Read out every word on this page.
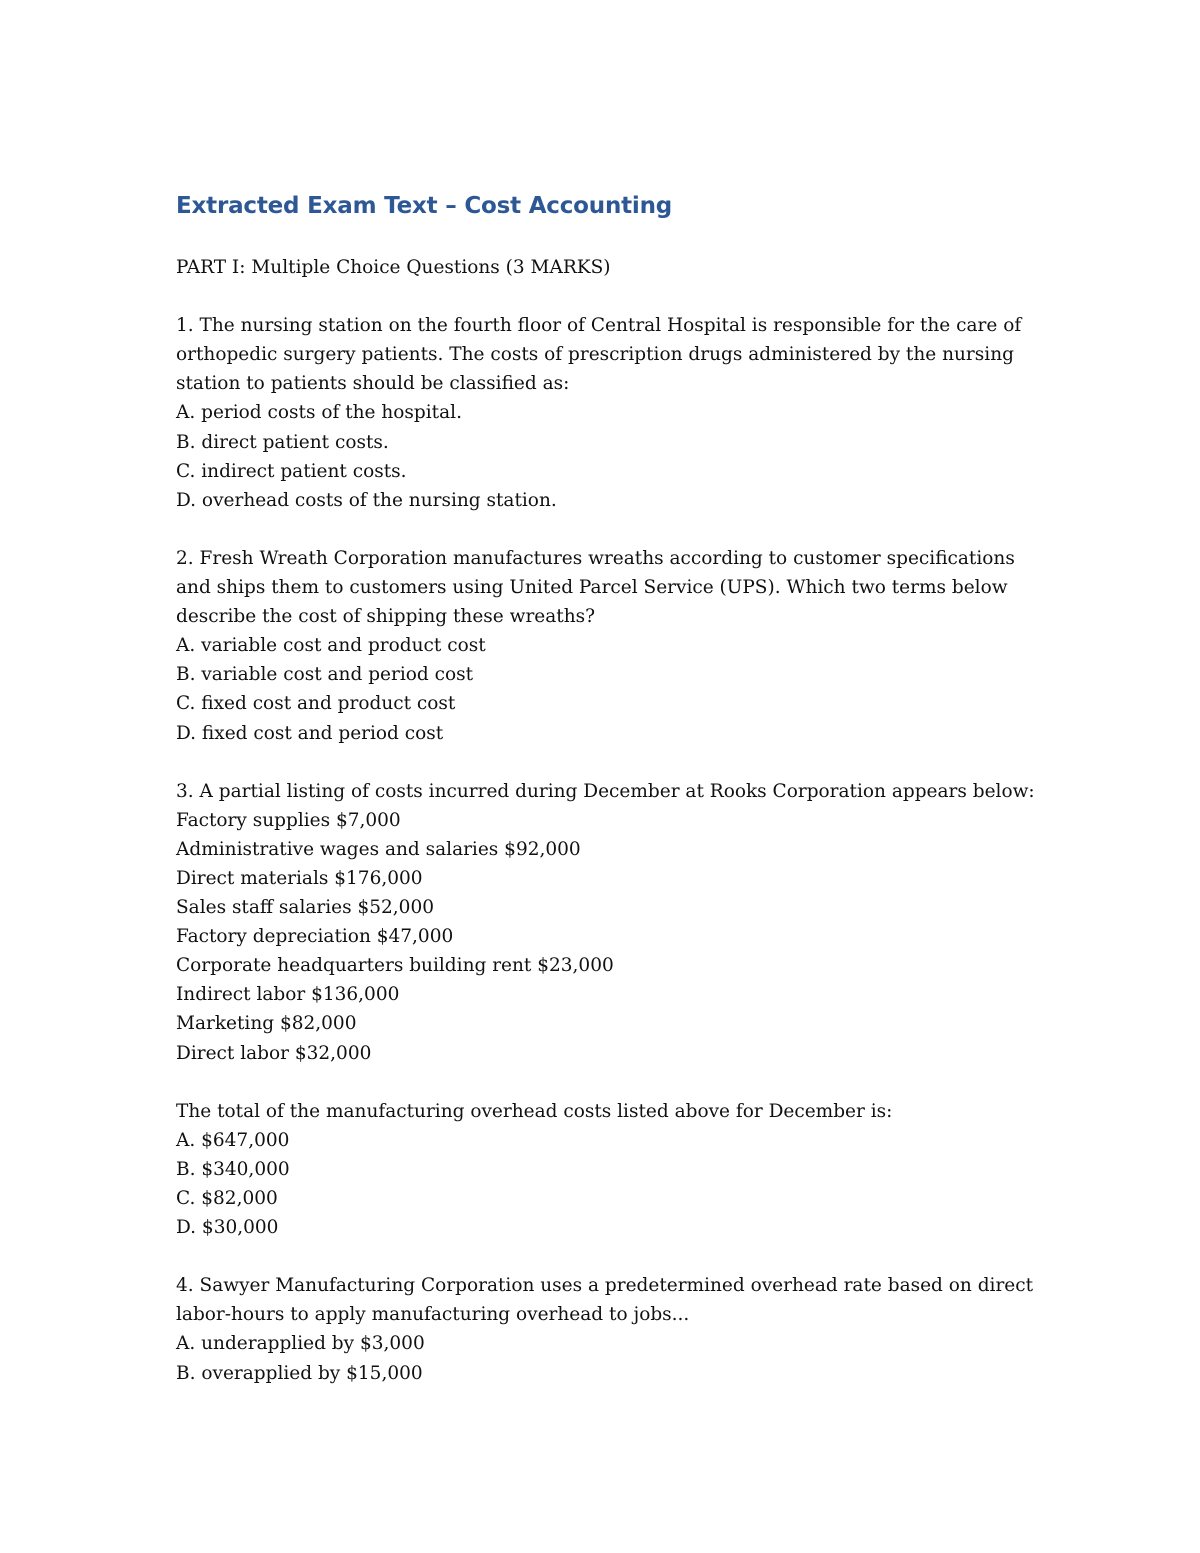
Extracted Exam Text – Cost Accounting
PART I: Multiple Choice Questions (3 MARKS)
1. The nursing station on the fourth floor of Central Hospital is responsible for the care of
orthopedic surgery patients. The costs of prescription drugs administered by the nursing
station to patients should be classified as:
A. period costs of the hospital.
B. direct patient costs.
C. indirect patient costs.
D. overhead costs of the nursing station.
2. Fresh Wreath Corporation manufactures wreaths according to customer specifications
and ships them to customers using United Parcel Service (UPS). Which two terms below
describe the cost of shipping these wreaths?
A. variable cost and product cost
B. variable cost and period cost
C. fixed cost and product cost
D. fixed cost and period cost
3. A partial listing of costs incurred during December at Rooks Corporation appears below:
Factory supplies $7,000
Administrative wages and salaries $92,000
Direct materials $176,000
Sales staff salaries $52,000
Factory depreciation $47,000
Corporate headquarters building rent $23,000
Indirect labor $136,000
Marketing $82,000
Direct labor $32,000
The total of the manufacturing overhead costs listed above for December is:
A. $647,000
B. $340,000
C. $82,000
D. $30,000
4. Sawyer Manufacturing Corporation uses a predetermined overhead rate based on direct
labor-hours to apply manufacturing overhead to jobs...
A. underapplied by $3,000
B. overapplied by $15,000
